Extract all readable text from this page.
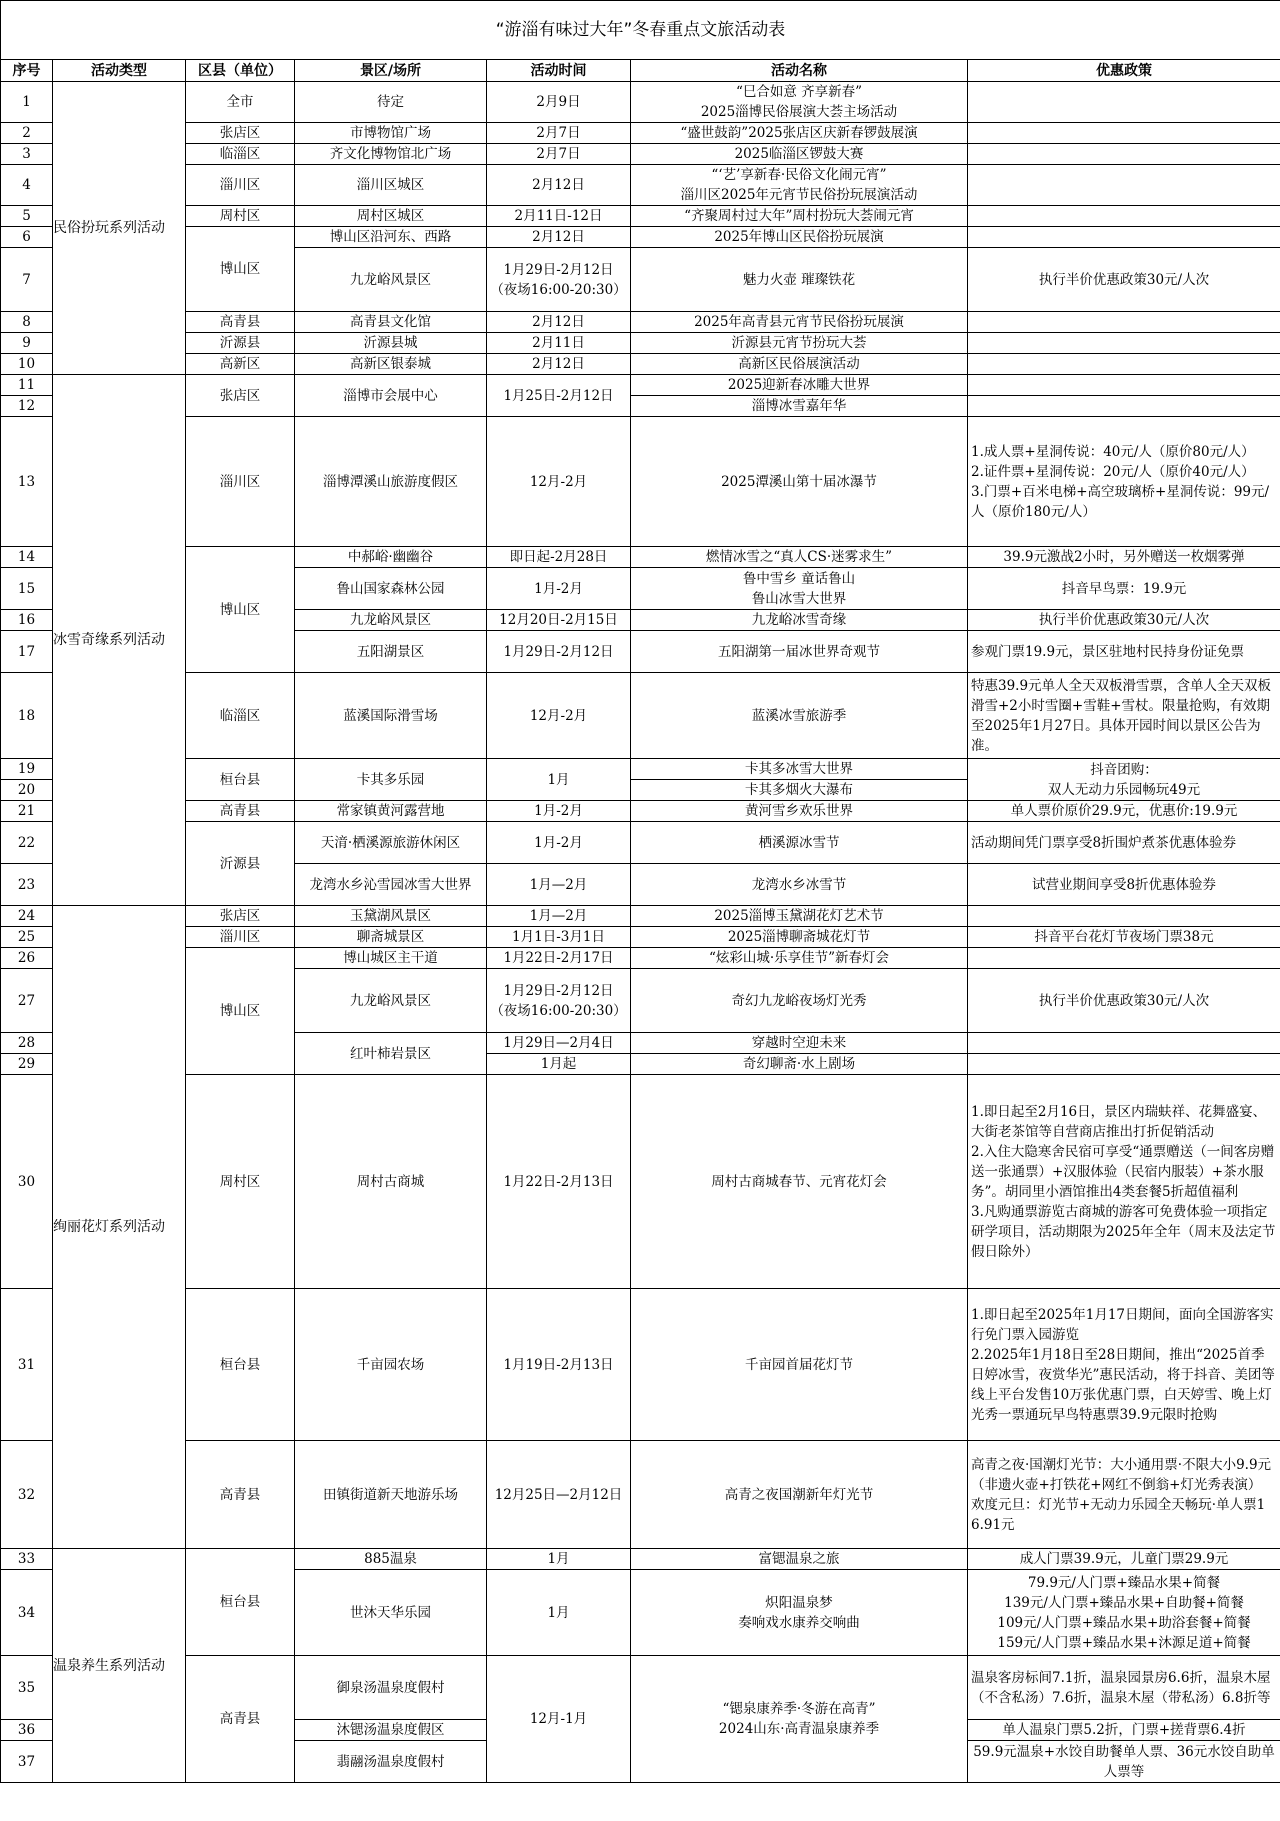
“游淄有味过大年”冬春重点文旅活动表						
序号	活动类型	区县（单位）	景区/场所	活动时间	活动名称	优惠政策
1	民俗扮玩系列活动	全市	待定	2月9日	“巳合如意 齐享新春”
2025淄博民俗展演大荟主场活动	

2		张店区	市博物馆广场	2月7日	“盛世鼓韵”2025张店区庆新春锣鼓展演	
3		临淄区	齐文化博物馆北广场	2月7日	2025临淄区锣鼓大赛	
4		淄川区	淄川区城区	2月12日	“‘艺’享新春·民俗文化闹元宵”
淄川区2025年元宵节民俗扮玩展演活动	

5		周村区	周村区城区	2月11日-12日	“齐聚周村过大年”周村扮玩大荟闹元宵	
6		博山区	博山区沿河东、西路	2月12日	2025年博山区民俗扮玩展演	
7			九龙峪风景区	1月29日-2月12日（夜场16:00-20:30）	魅力火壶 璀璨铁花	执行半价优惠政策30元/人次
8		高青县	高青县文化馆	2月12日	2025年高青县元宵节民俗扮玩展演	
9		沂源县	沂源县城	2月11日	沂源县元宵节扮玩大荟	
10		高新区	高新区银泰城	2月12日	高新区民俗展演活动	
11	冰雪奇缘系列活动	张店区	淄博市会展中心	1月25日-2月12日	2025迎新春冰雕大世界	
12					淄博冰雪嘉年华	
13		淄川区	淄博潭溪山旅游度假区	12月-2月	2025潭溪山第十届冰瀑节	1.成人票+星洞传说：40元/人（原价80元/人）
2.证件票+星洞传说：20元/人（原价40元/人）
3.门票+百米电梯+高空玻璃桥+星洞传说：99元/人（原价180元/人）
14		博山区	中郝峪·幽幽谷	即日起-2月28日	燃情冰雪之“真人CS·迷雾求生”	39.9元激战2小时，另外赠送一枚烟雾弹
15			鲁山国家森林公园	1月-2月	鲁中雪乡 童话鲁山
鲁山冰雪大世界	抖音早鸟票：19.9元
16			九龙峪风景区	12月20日-2月15日	九龙峪冰雪奇缘	执行半价优惠政策30元/人次
17			五阳湖景区	1月29日-2月12日	五阳湖第一届冰世界奇观节	参观门票19.9元，景区驻地村民持身份证免票
18		临淄区	蓝溪国际滑雪场	12月-2月	蓝溪冰雪旅游季	特惠39.9元单人全天双板滑雪票，含单人全天双板滑雪+2小时雪圈+雪鞋+雪杖。限量抢购，有效期至2025年1月27日。具体开园时间以景区公告为准。
19		桓台县	卡其多乐园	1月	卡其多冰雪大世界	抖音团购：
双人无动力乐园畅玩49元
20					卡其多烟火大瀑布	
21		高青县	常家镇黄河露营地	1月-2月	黄河雪乡欢乐世界	单人票价原价29.9元，优惠价:19.9元
22		沂源县	天湇·栖溪源旅游休闲区	1月-2月	栖溪源冰雪节	活动期间凭门票享受8折围炉煮茶优惠体验券
23			龙湾水乡沁雪园冰雪大世界	1月—2月	龙湾水乡冰雪节	试营业期间享受8折优惠体验券
24	绚丽花灯系列活动	张店区	玉黛湖风景区	1月—2月	2025淄博玉黛湖花灯艺术节	
25		淄川区	聊斋城景区	1月1日-3月1日	2025淄博聊斋城花灯节	抖音平台花灯节夜场门票38元
26		博山区	博山城区主干道	1月22日-2月17日	“炫彩山城·乐享佳节”新春灯会	
27			九龙峪风景区	1月29日-2月12日（夜场16:00-20:30）	奇幻九龙峪夜场灯光秀	执行半价优惠政策30元/人次
28			红叶柿岩景区	1月29日—2月4日	穿越时空迎未来	
29				1月起	奇幻聊斋·水上剧场	
30		周村区	周村古商城	1月22日-2月13日	周村古商城春节、元宵花灯会	1.即日起至2月16日，景区内瑞蚨祥、花舞盛宴、大街老茶馆等自营商店推出打折促销活动
2.入住大隐寒舍民宿可享受“通票赠送（一间客房赠送一张通票）+汉服体验（民宿内服装）+茶水服务”。胡同里小酒馆推出4类套餐5折超值福利
3.凡购通票游览古商城的游客可免费体验一项指定研学项目，活动期限为2025年全年（周末及法定节假日除外）
31		桓台县	千亩园农场	1月19日-2月13日	千亩园首届花灯节	1.即日起至2025年1月17日期间，面向全国游客实行免门票入园游览
2.2025年1月18日至28日期间，推出“2025首季日婷冰雪，夜赏华光”惠民活动，将于抖音、美团等线上平台发售10万张优惠门票，白天婷雪、晚上灯光秀一票通玩早鸟特惠票39.9元限时抢购
32		高青县	田镇街道新天地游乐场	12月25日—2月12日	高青之夜国潮新年灯光节	高青之夜·国潮灯光节：大小通用票·不限大小9.9元（非遗火壶+打铁花+网红不倒翁+灯光秀表演）
欢度元旦：灯光节+无动力乐园全天畅玩·单人票16.91元
33	温泉养生系列活动	桓台县	885温泉	1月	富锶温泉之旅	成人门票39.9元，儿童门票29.9元
34			世沐天华乐园	1月	炽阳温泉梦
奏响戏水康养交响曲	79.9元/人门票+臻品水果+简餐
139元/人门票+臻品水果+自助餐+简餐
109元/人门票+臻品水果+助浴套餐+简餐
159元/人门票+臻品水果+沐源足道+简餐
35		高青县	御泉汤温泉度假村	12月-1月	“锶泉康养季·冬游在高青”
2024山东·高青温泉康养季	温泉客房标间7.1折，温泉园景房6.6折，温泉木屋（不含私汤）7.6折，温泉木屋（带私汤）6.8折等
36			沐锶汤温泉度假区			单人温泉门票5.2折，门票+搓背票6.4折
37			翡翮汤温泉度假村			59.9元温泉+水饺自助餐单人票、36元水饺自助单人票等
